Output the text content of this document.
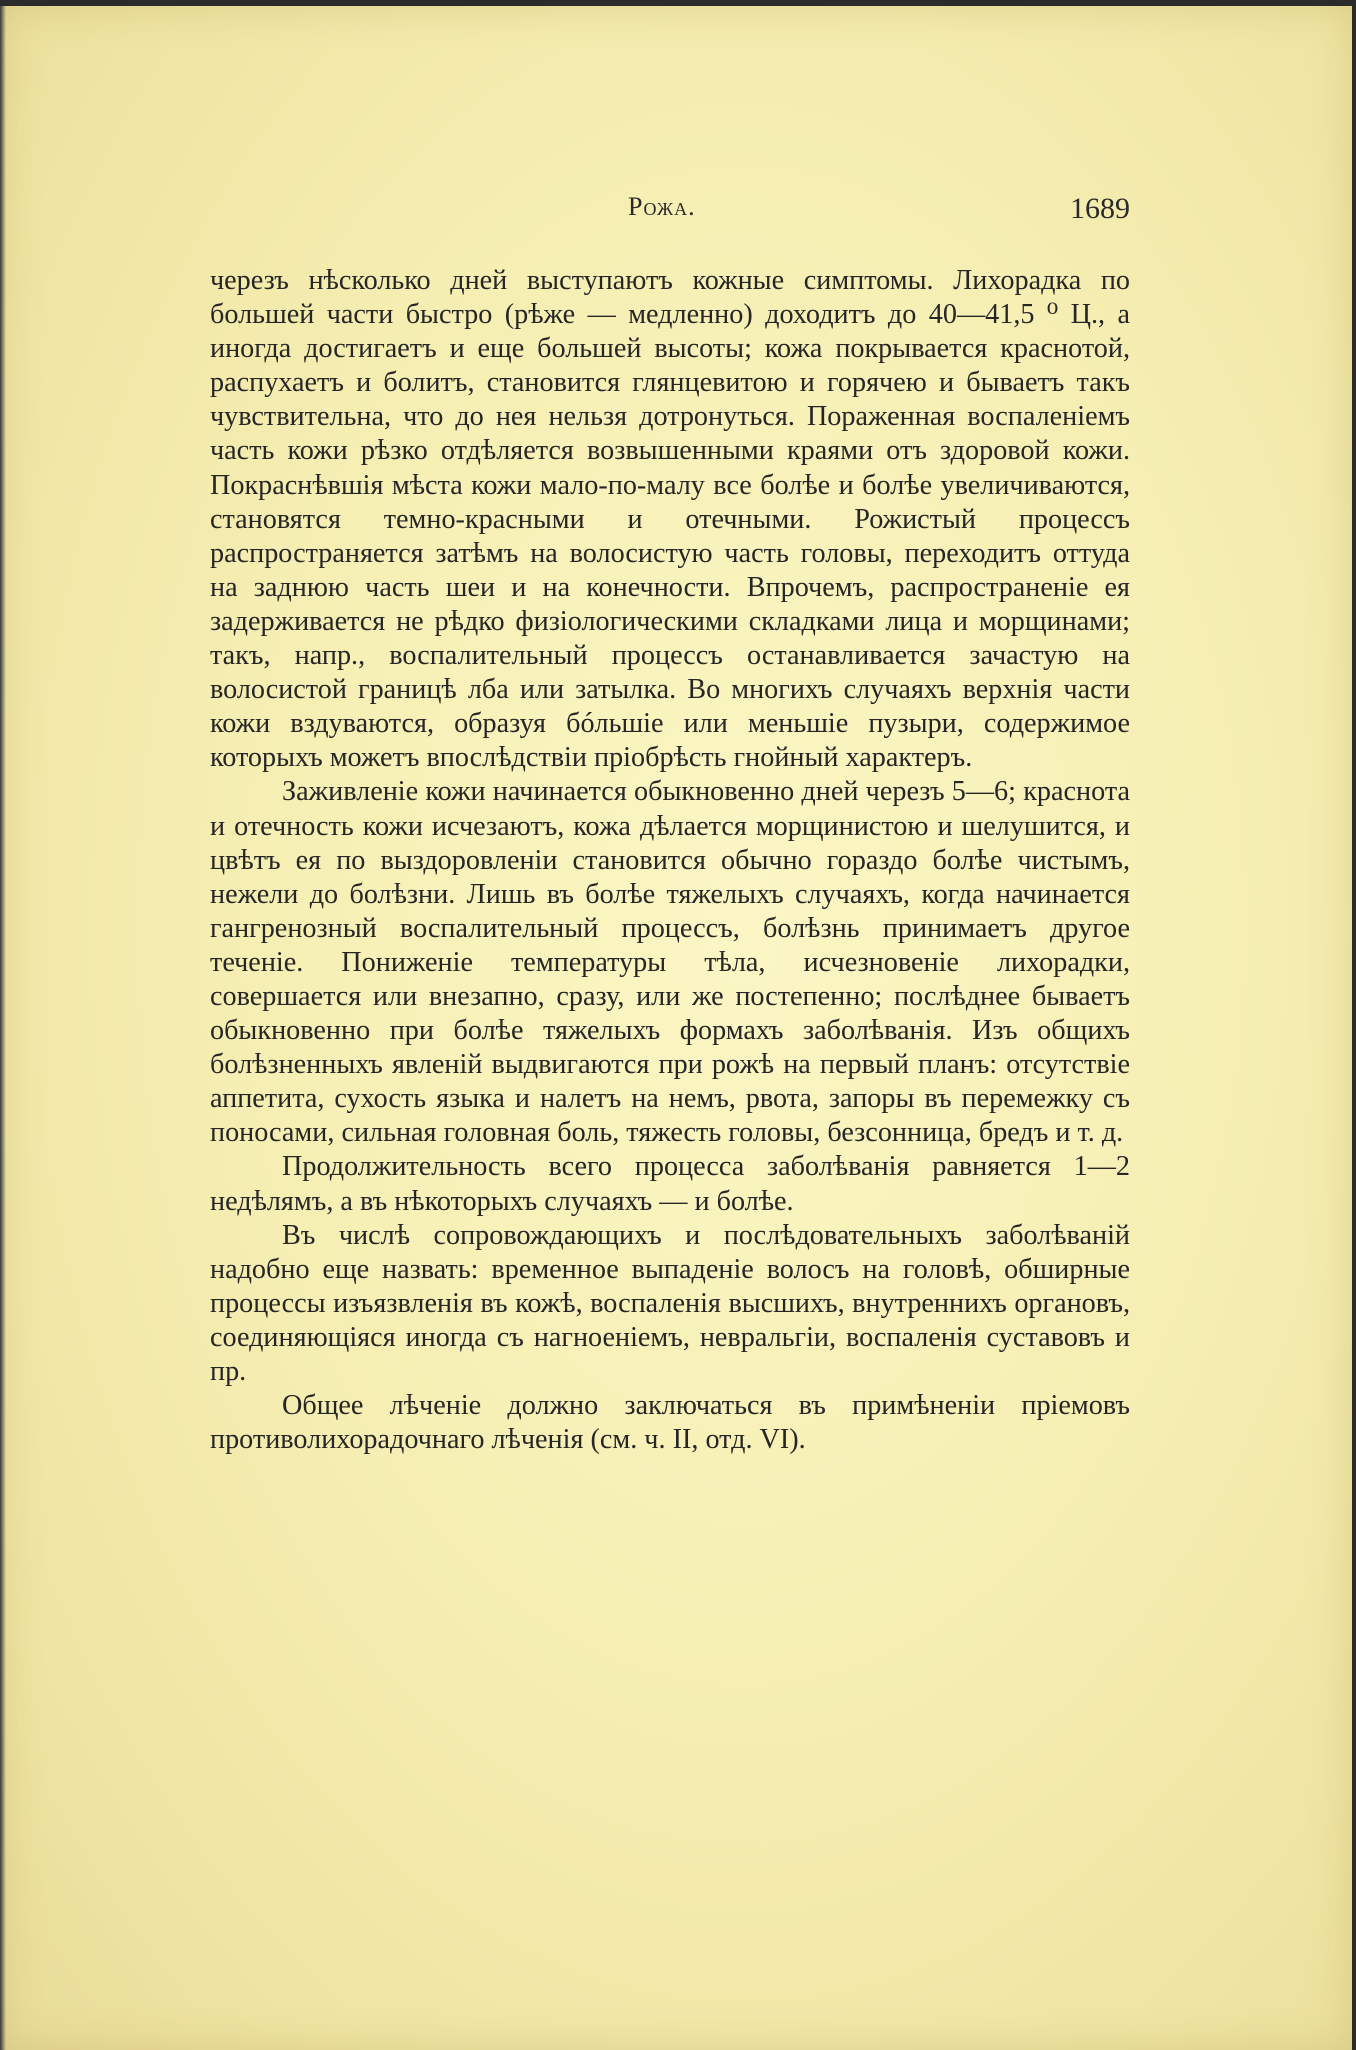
Рожа.	1689

черезъ нѣсколько дней выступаютъ кожные симптомы. Лихорадка по большей части быстро (рѣже — медленно) доходитъ до 40—41,5 ⁰ Ц., а иногда достигаетъ и еще большей высоты; кожа покрывается краснотой, распухаетъ и болитъ, становится глянцевитою и горячею и бываетъ такъ чувствительна, что до нея нельзя дотронуться. Пораженная воспаленіемъ часть кожи рѣзко отдѣляется возвышенными краями отъ здоровой кожи. Покраснѣвшія мѣста кожи мало-по-малу все болѣе и болѣе увеличиваются, становятся темно-красными и отечными. Рожистый процессъ распространяется затѣмъ на волосистую часть головы, переходитъ оттуда на заднюю часть шеи и на конечности. Впрочемъ, распространеніе ея задерживается не рѣдко физіологическими складками лица и морщинами; такъ, напр., воспалительный процессъ останавливается зачастую на волосистой границѣ лба или затылка. Во многихъ случаяхъ верхнія части кожи вздуваются, образуя бóльшіе или меньшіе пузыри, содержимое которыхъ можетъ впослѣдствіи пріобрѣсть гнойный характеръ.

Заживленіе кожи начинается обыкновенно дней черезъ 5—6; краснота и отечность кожи исчезаютъ, кожа дѣлается морщинистою и шелушится, и цвѣтъ ея по выздоровленіи становится обычно гораздо болѣе чистымъ, нежели до болѣзни. Лишь въ болѣе тяжелыхъ случаяхъ, когда начинается гангренозный воспалительный процессъ, болѣзнь принимаетъ другое теченіе. Пониженіе температуры тѣла, исчезновеніе лихорадки, совершается или внезапно, сразу, или же постепенно; послѣднее бываетъ обыкновенно при болѣе тяжелыхъ формахъ заболѣванія. Изъ общихъ болѣзненныхъ явленій выдвигаются при рожѣ на первый планъ: отсутствіе аппетита, сухость языка и налетъ на немъ, рвота, запоры въ перемежку съ поносами, сильная головная боль, тяжесть головы, безсонница, бредъ и т. д.

Продолжительность всего процесса заболѣванія равняется 1—2 недѣлямъ, а въ нѣкоторыхъ случаяхъ — и болѣе.

Въ числѣ сопровождающихъ и послѣдовательныхъ заболѣваній надобно еще назвать: временное выпаденіе волосъ на головѣ, обширные процессы изъязвленія въ кожѣ, воспаленія высшихъ, внутреннихъ органовъ, соединяющіяся иногда съ нагноеніемъ, невральгіи, воспаленія суставовъ и пр.

Общее лѣченіе должно заключаться въ примѣненіи пріемовъ противолихорадочнаго лѣченія (см. ч. II, отд. VI).
